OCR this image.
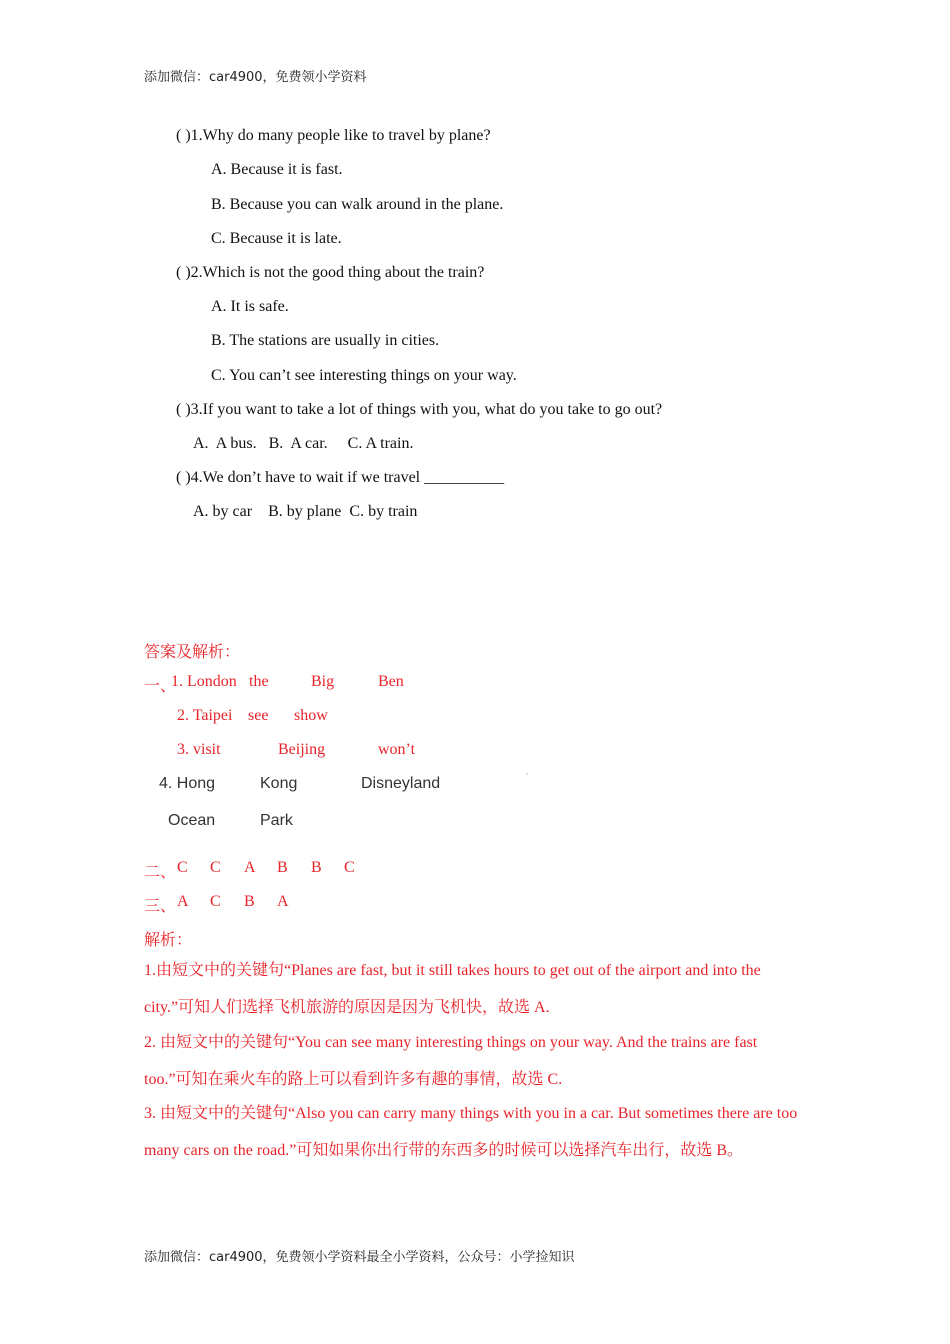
添加微信：car4900，免费领小学资料
( )1.Why do many people like to travel by plane?
A. Because it is fast.
B. Because you can walk around in the plane.
C. Because it is late.
( )2.Which is not the good thing about the train?
A. It is safe.
B. The stations are usually in cities.
C. You can’t see interesting things on your way.
( )3.If you want to take a lot of things with you, what do you take to go out?
A.  A bus.   B.  A car.     C. A train.
( )4.We don’t have to wait if we travel __________
A. by car    B. by plane  C. by train
答案及解析：
一、
1. London the	Big	Ben
2. Taipei see show
3. visit	Beijing	won’t
4. Hong	Kong	Disneyland
Ocean	Park
二、 C C A B B C
三、 A C B A
解析：
1.由短文中的关键句“Planes are fast, but it still takes hours to get out of the airport and into the city.”可知人们选择飞机旅游的原因是因为飞机快，故选 A.
2. 由短文中的关键句“You can see many interesting things on your way. And the trains are fast too.”可知在乘火车的路上可以看到许多有趣的事情，故选 C.
3. 由短文中的关键句“Also you can carry many things with you in a car. But sometimes there are too many cars on the road.”可知如果你出行带的东西多的时候可以选择汽车出行，故选 B。
添加微信：car4900，免费领小学资料最全小学资料，公众号：小学捡知识
